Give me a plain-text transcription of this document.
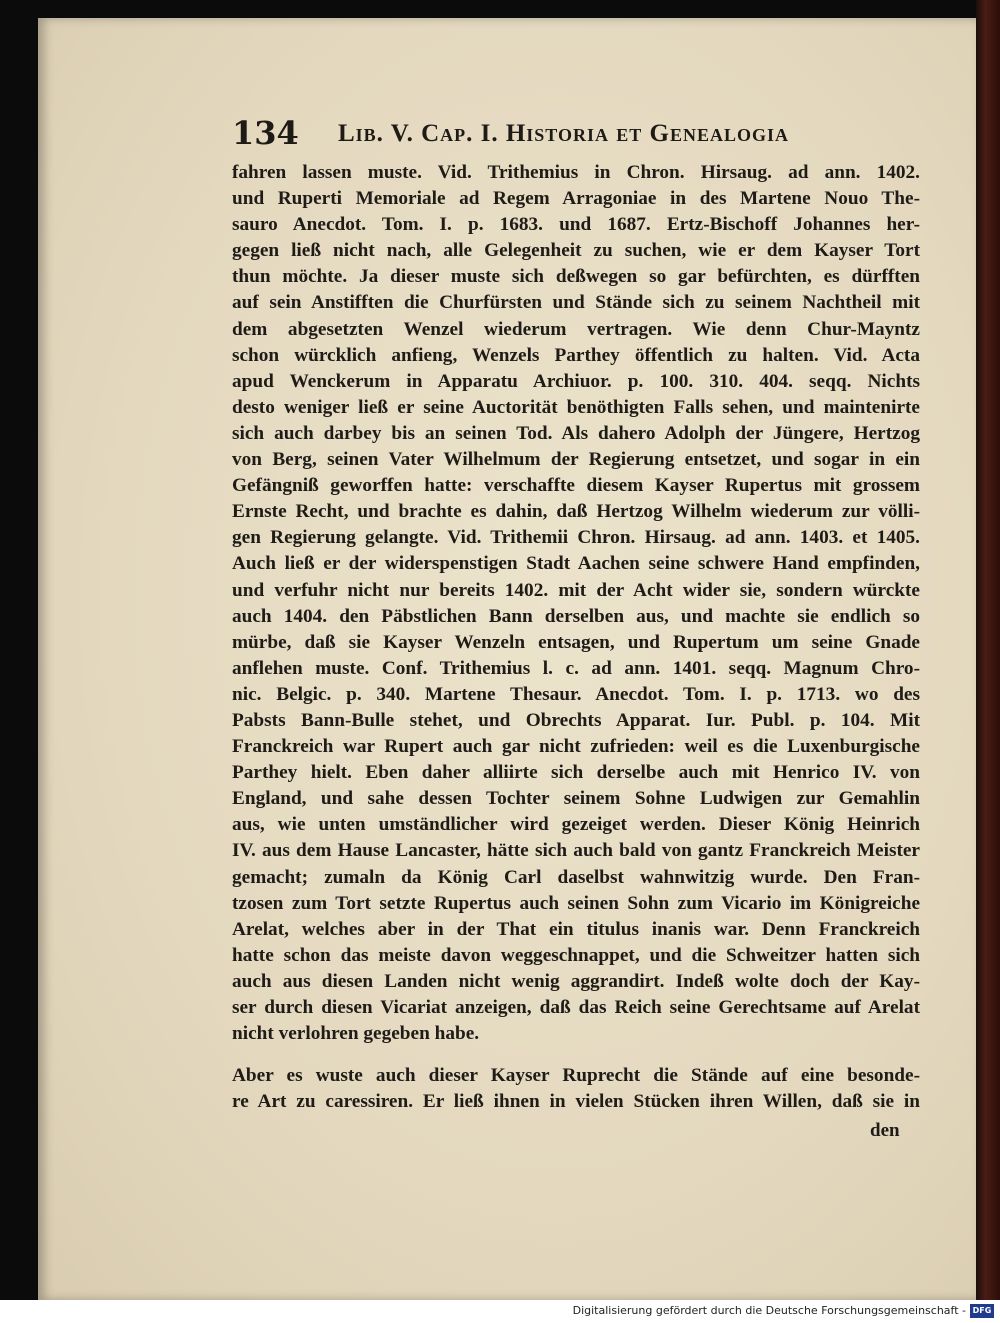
134 Lib. V. Cap. I. Historia et Genealogia
fahren lassen muste. Vid. Trithemius in Chron. Hirsaug. ad ann. 1402.
und Ruperti Memoriale ad Regem Arragoniae in des Martene Nouo The-
sauro Anecdot. Tom. I. p. 1683. und 1687. Ertz-Bischoff Johannes her-
gegen ließ nicht nach, alle Gelegenheit zu suchen, wie er dem Kayser Tort
thun möchte. Ja dieser muste sich deßwegen so gar befürchten, es dürfften
auf sein Anstifften die Churfürsten und Stände sich zu seinem Nachtheil mit
dem abgesetzten Wenzel wiederum vertragen. Wie denn Chur-Mayntz
schon würcklich anfieng, Wenzels Parthey öffentlich zu halten. Vid. Acta
apud Wenckerum in Apparatu Archiuor. p. 100. 310. 404. seqq. Nichts
desto weniger ließ er seine Auctorität benöthigten Falls sehen, und maintenirte
sich auch darbey bis an seinen Tod. Als dahero Adolph der Jüngere, Hertzog
von Berg, seinen Vater Wilhelmum der Regierung entsetzet, und sogar in ein
Gefängniß geworffen hatte: verschaffte diesem Kayser Rupertus mit grossem
Ernste Recht, und brachte es dahin, daß Hertzog Wilhelm wiederum zur völli-
gen Regierung gelangte. Vid. Trithemii Chron. Hirsaug. ad ann. 1403. et 1405.
Auch ließ er der widerspenstigen Stadt Aachen seine schwere Hand empfinden,
und verfuhr nicht nur bereits 1402. mit der Acht wider sie, sondern würckte
auch 1404. den Päbstlichen Bann derselben aus, und machte sie endlich so
mürbe, daß sie Kayser Wenzeln entsagen, und Rupertum um seine Gnade
anflehen muste. Conf. Trithemius l. c. ad ann. 1401. seqq. Magnum Chro-
nic. Belgic. p. 340. Martene Thesaur. Anecdot. Tom. I. p. 1713. wo des
Pabsts Bann-Bulle stehet, und Obrechts Apparat. Iur. Publ. p. 104. Mit
Franckreich war Rupert auch gar nicht zufrieden: weil es die Luxenburgische
Parthey hielt. Eben daher alliirte sich derselbe auch mit Henrico IV. von
England, und sahe dessen Tochter seinem Sohne Ludwigen zur Gemahlin
aus, wie unten umständlicher wird gezeiget werden. Dieser König Heinrich
IV. aus dem Hause Lancaster, hätte sich auch bald von gantz Franckreich Meister
gemacht; zumaln da König Carl daselbst wahnwitzig wurde. Den Fran-
tzosen zum Tort setzte Rupertus auch seinen Sohn zum Vicario im Königreiche
Arelat, welches aber in der That ein titulus inanis war. Denn Franckreich
hatte schon das meiste davon weggeschnappet, und die Schweitzer hatten sich
auch aus diesen Landen nicht wenig aggrandirt. Indeß wolte doch der Kay-
ser durch diesen Vicariat anzeigen, daß das Reich seine Gerechtsame auf Arelat
nicht verlohren gegeben habe.
Aber es wuste auch dieser Kayser Ruprecht die Stände auf eine besonde-
re Art zu caressiren. Er ließ ihnen in vielen Stücken ihren Willen, daß sie in
den
Digitalisierung gefördert durch die Deutsche Forschungsgemeinschaft - DFG
